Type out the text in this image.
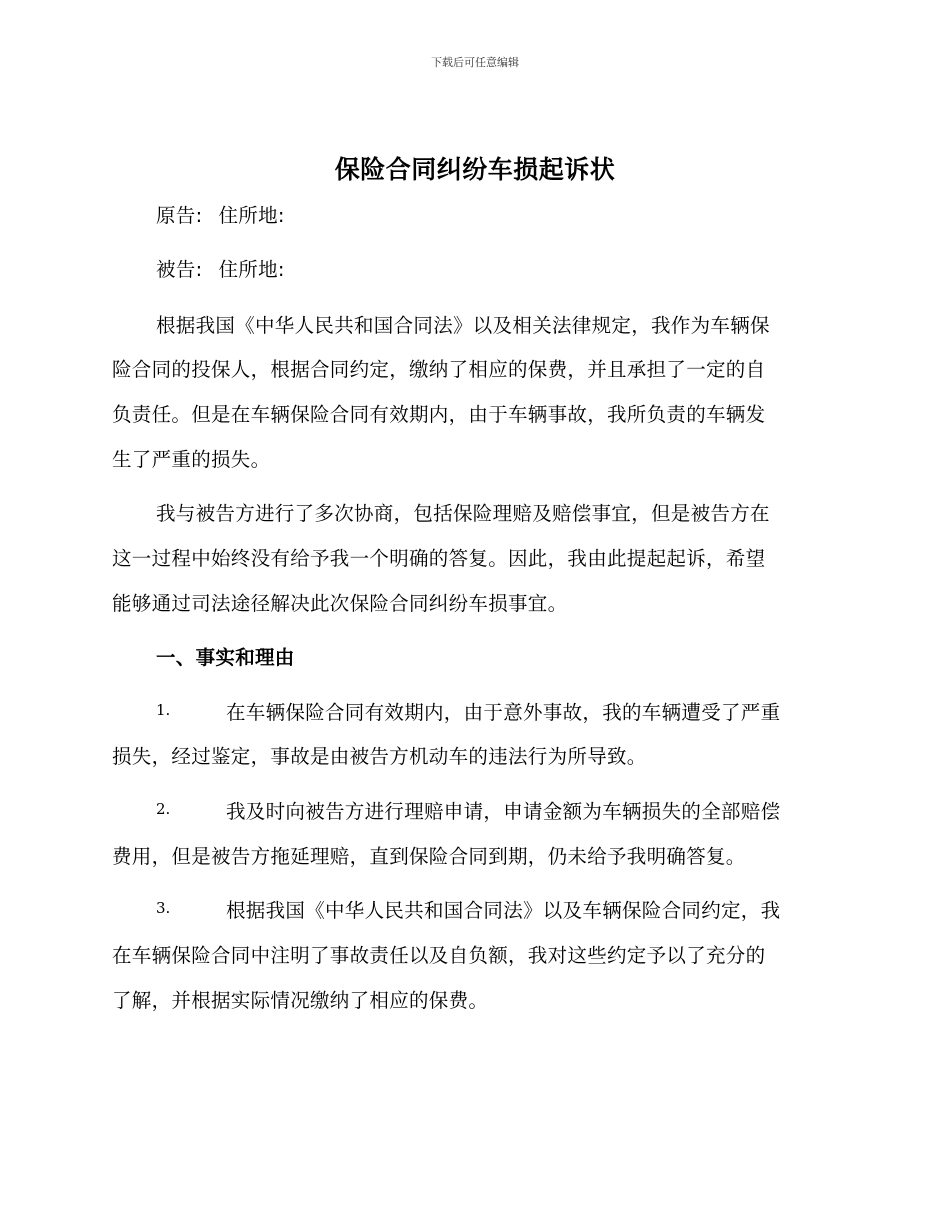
下载后可任意编辑
保险合同纠纷车损起诉状
原告: 住所地:
被告: 住所地:
根据我国《中华人民共和国合同法》以及相关法律规定，我作为车辆保
险合同的投保人，根据合同约定，缴纳了相应的保费，并且承担了一定的自
负责任。但是在车辆保险合同有效期内，由于车辆事故，我所负责的车辆发
生了严重的损失。
我与被告方进行了多次协商，包括保险理赔及赔偿事宜，但是被告方在
这一过程中始终没有给予我一个明确的答复。因此，我由此提起起诉，希望
能够通过司法途径解决此次保险合同纠纷车损事宜。
一、事实和理由
1.	在车辆保险合同有效期内，由于意外事故，我的车辆遭受了严重
损失，经过鉴定，事故是由被告方机动车的违法行为所导致。
2.	我及时向被告方进行理赔申请，申请金额为车辆损失的全部赔偿
费用，但是被告方拖延理赔，直到保险合同到期，仍未给予我明确答复。
3.	根据我国《中华人民共和国合同法》以及车辆保险合同约定，我
在车辆保险合同中注明了事故责任以及自负额，我对这些约定予以了充分的
了解，并根据实际情况缴纳了相应的保费。
